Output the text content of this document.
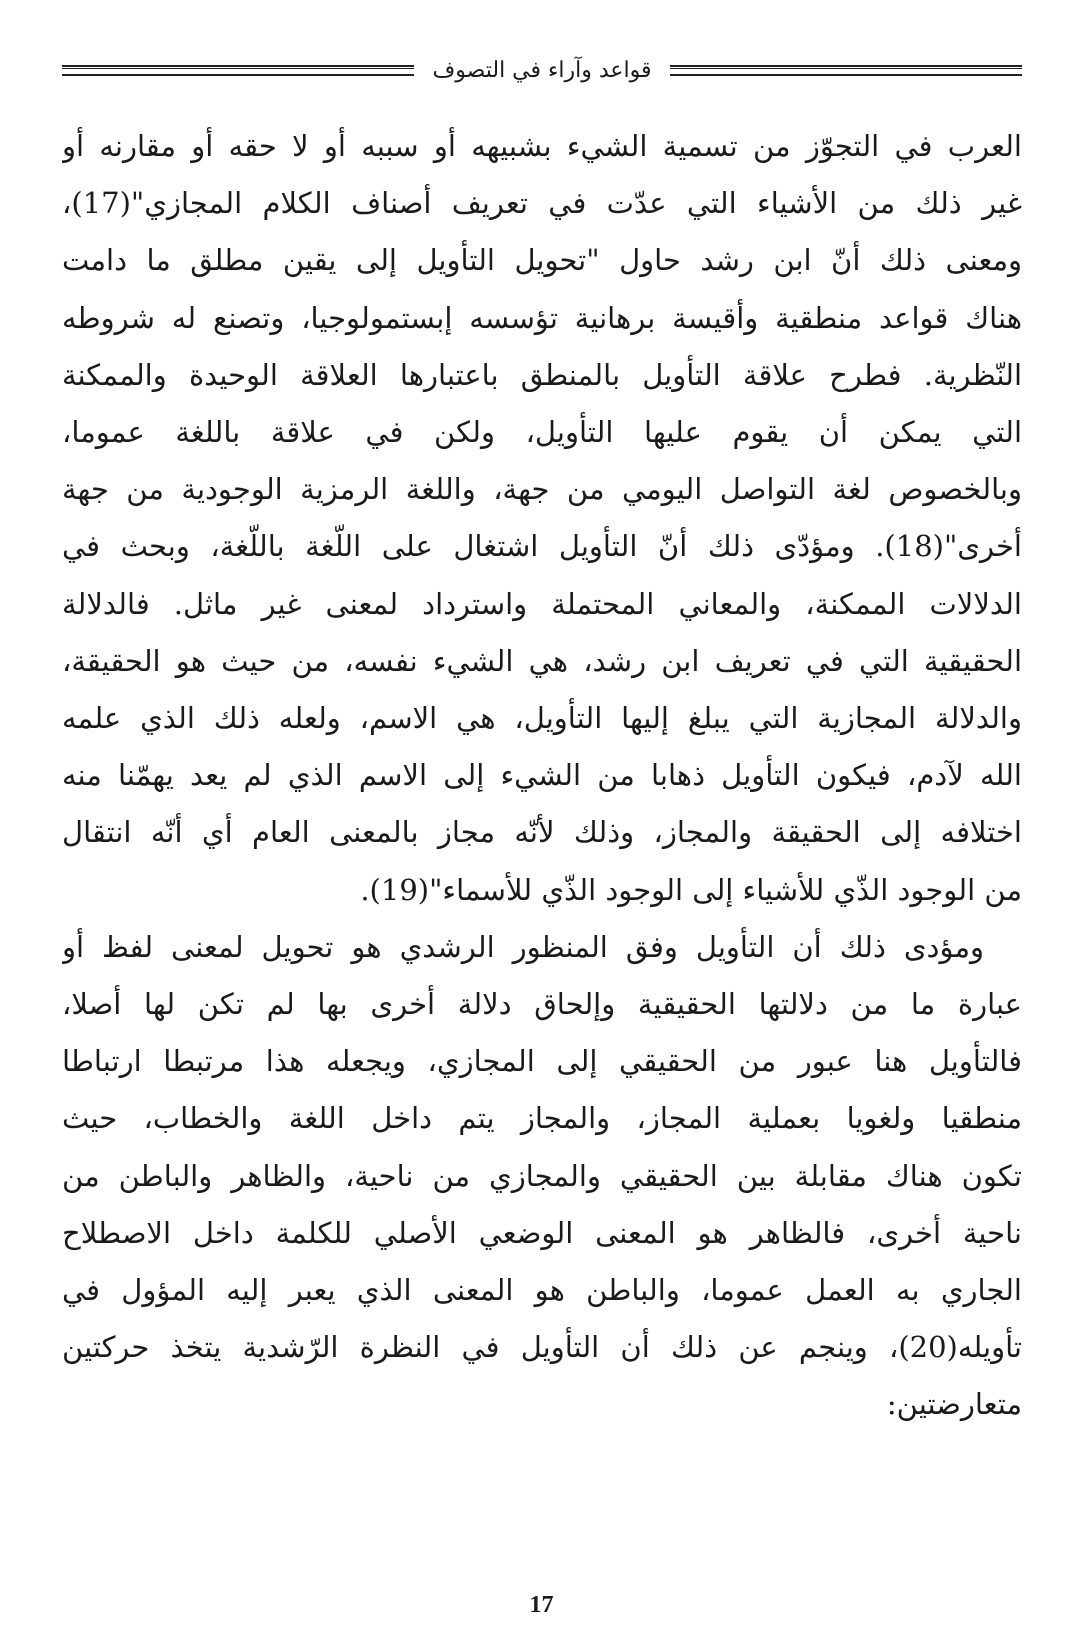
قواعد وآراء في التصوف

العرب في التجوّز من تسمية الشيء بشبيهه أو سببه أو لا حقه أو مقارنه أو
غير ذلك من الأشياء التي عدّت في تعريف أصناف الكلام المجازي"(17)،
ومعنى ذلك أنّ ابن رشد حاول "تحويل التأويل إلى يقين مطلق ما دامت
هناك قواعد منطقية وأقيسة برهانية تؤسسه إبستمولوجيا، وتصنع له شروطه
النّظرية. فطرح علاقة التأويل بالمنطق باعتبارها العلاقة الوحيدة والممكنة
التي يمكن أن يقوم عليها التأويل، ولكن في علاقة باللغة عموما،
وبالخصوص لغة التواصل اليومي من جهة، واللغة الرمزية الوجودية من جهة
أخرى"(18). ومؤدّى ذلك أنّ التأويل اشتغال على اللّغة باللّغة، وبحث في
الدلالات الممكنة، والمعاني المحتملة واسترداد لمعنى غير ماثل. فالدلالة
الحقيقية التي في تعريف ابن رشد، هي الشيء نفسه، من حيث هو الحقيقة،
والدلالة المجازية التي يبلغ إليها التأويل، هي الاسم، ولعله ذلك الذي علمه
الله لآدم، فيكون التأويل ذهابا من الشيء إلى الاسم الذي لم يعد يهمّنا منه
اختلافه إلى الحقيقة والمجاز، وذلك لأنّه مجاز بالمعنى العام أي أنّه انتقال
من الوجود الذّي للأشياء إلى الوجود الذّي للأسماء"(19).

ومؤدى ذلك أن التأويل وفق المنظور الرشدي هو تحويل لمعنى لفظ أو
عبارة ما من دلالتها الحقيقية وإلحاق دلالة أخرى بها لم تكن لها أصلا،
فالتأويل هنا عبور من الحقيقي إلى المجازي، ويجعله هذا مرتبطا ارتباطا
منطقيا ولغويا بعملية المجاز، والمجاز يتم داخل اللغة والخطاب، حيث
تكون هناك مقابلة بين الحقيقي والمجازي من ناحية، والظاهر والباطن من
ناحية أخرى، فالظاهر هو المعنى الوضعي الأصلي للكلمة داخل الاصطلاح
الجاري به العمل عموما، والباطن هو المعنى الذي يعبر إليه المؤول في
تأويله(20)، وينجم عن ذلك أن التأويل في النظرة الرّشدية يتخذ حركتين
متعارضتين:

17
